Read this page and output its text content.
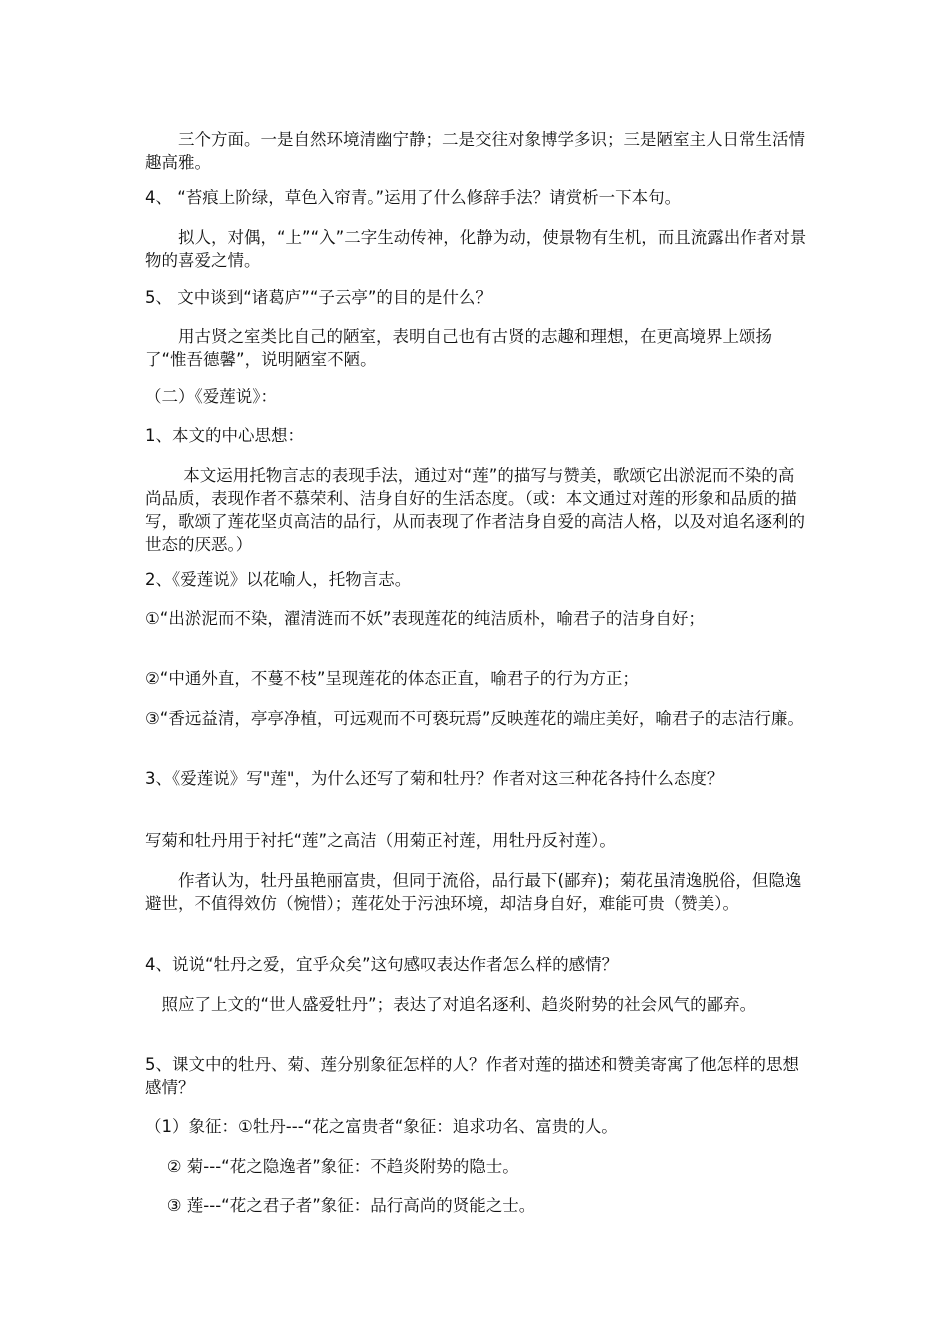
　　三个方面。一是自然环境清幽宁静；二是交往对象博学多识；三是陋室主人日常生活情趣高雅。

4、 “苔痕上阶绿，草色入帘青。”运用了什么修辞手法？请赏析一下本句。

　　拟人，对偶，“上”“入”二字生动传神，化静为动，使景物有生机，而且流露出作者对景物的喜爱之情。

5、 文中谈到“诸葛庐”“子云亭”的目的是什么？

　　用古贤之室类比自己的陋室，表明自己也有古贤的志趣和理想，在更高境界上颂扬了“惟吾德馨”，说明陋室不陋。

（二）《爱莲说》：

1、本文的中心思想：

　　 本文运用托物言志的表现手法，通过对“莲”的描写与赞美，歌颂它出淤泥而不染的高尚品质，表现作者不慕荣利、洁身自好的生活态度。（或：本文通过对莲的形象和品质的描写，歌颂了莲花坚贞高洁的品行，从而表现了作者洁身自爱的高洁人格，以及对追名逐利的世态的厌恶。）

2、《爱莲说》以花喻人，托物言志。

①“出淤泥而不染，濯清涟而不妖”表现莲花的纯洁质朴，喻君子的洁身自好；

②“中通外直，不蔓不枝”呈现莲花的体态正直，喻君子的行为方正；

③“香远益清，亭亭净植，可远观而不可亵玩焉”反映莲花的端庄美好，喻君子的志洁行廉。

3、《爱莲说》写"莲"，为什么还写了菊和牡丹？作者对这三种花各持什么态度？

写菊和牡丹用于衬托“莲”之高洁（用菊正衬莲，用牡丹反衬莲）。

　　作者认为，牡丹虽艳丽富贵，但同于流俗，品行最下(鄙弃)；菊花虽清逸脱俗，但隐逸避世，不值得效仿（惋惜）；莲花处于污浊环境，却洁身自好，难能可贵（赞美）。

4、说说“牡丹之爱，宜乎众矣”这句感叹表达作者怎么样的感情？

　照应了上文的“世人盛爱牡丹”；表达了对追名逐利、趋炎附势的社会风气的鄙弃。

5、课文中的牡丹、菊、莲分别象征怎样的人？作者对莲的描述和赞美寄寓了他怎样的思想感情？

（1）象征：①牡丹---“花之富贵者“象征：追求功名、富贵的人。

　 ② 菊---“花之隐逸者”象征：不趋炎附势的隐士。

　 ③ 莲---“花之君子者”象征：品行高尚的贤能之士。
